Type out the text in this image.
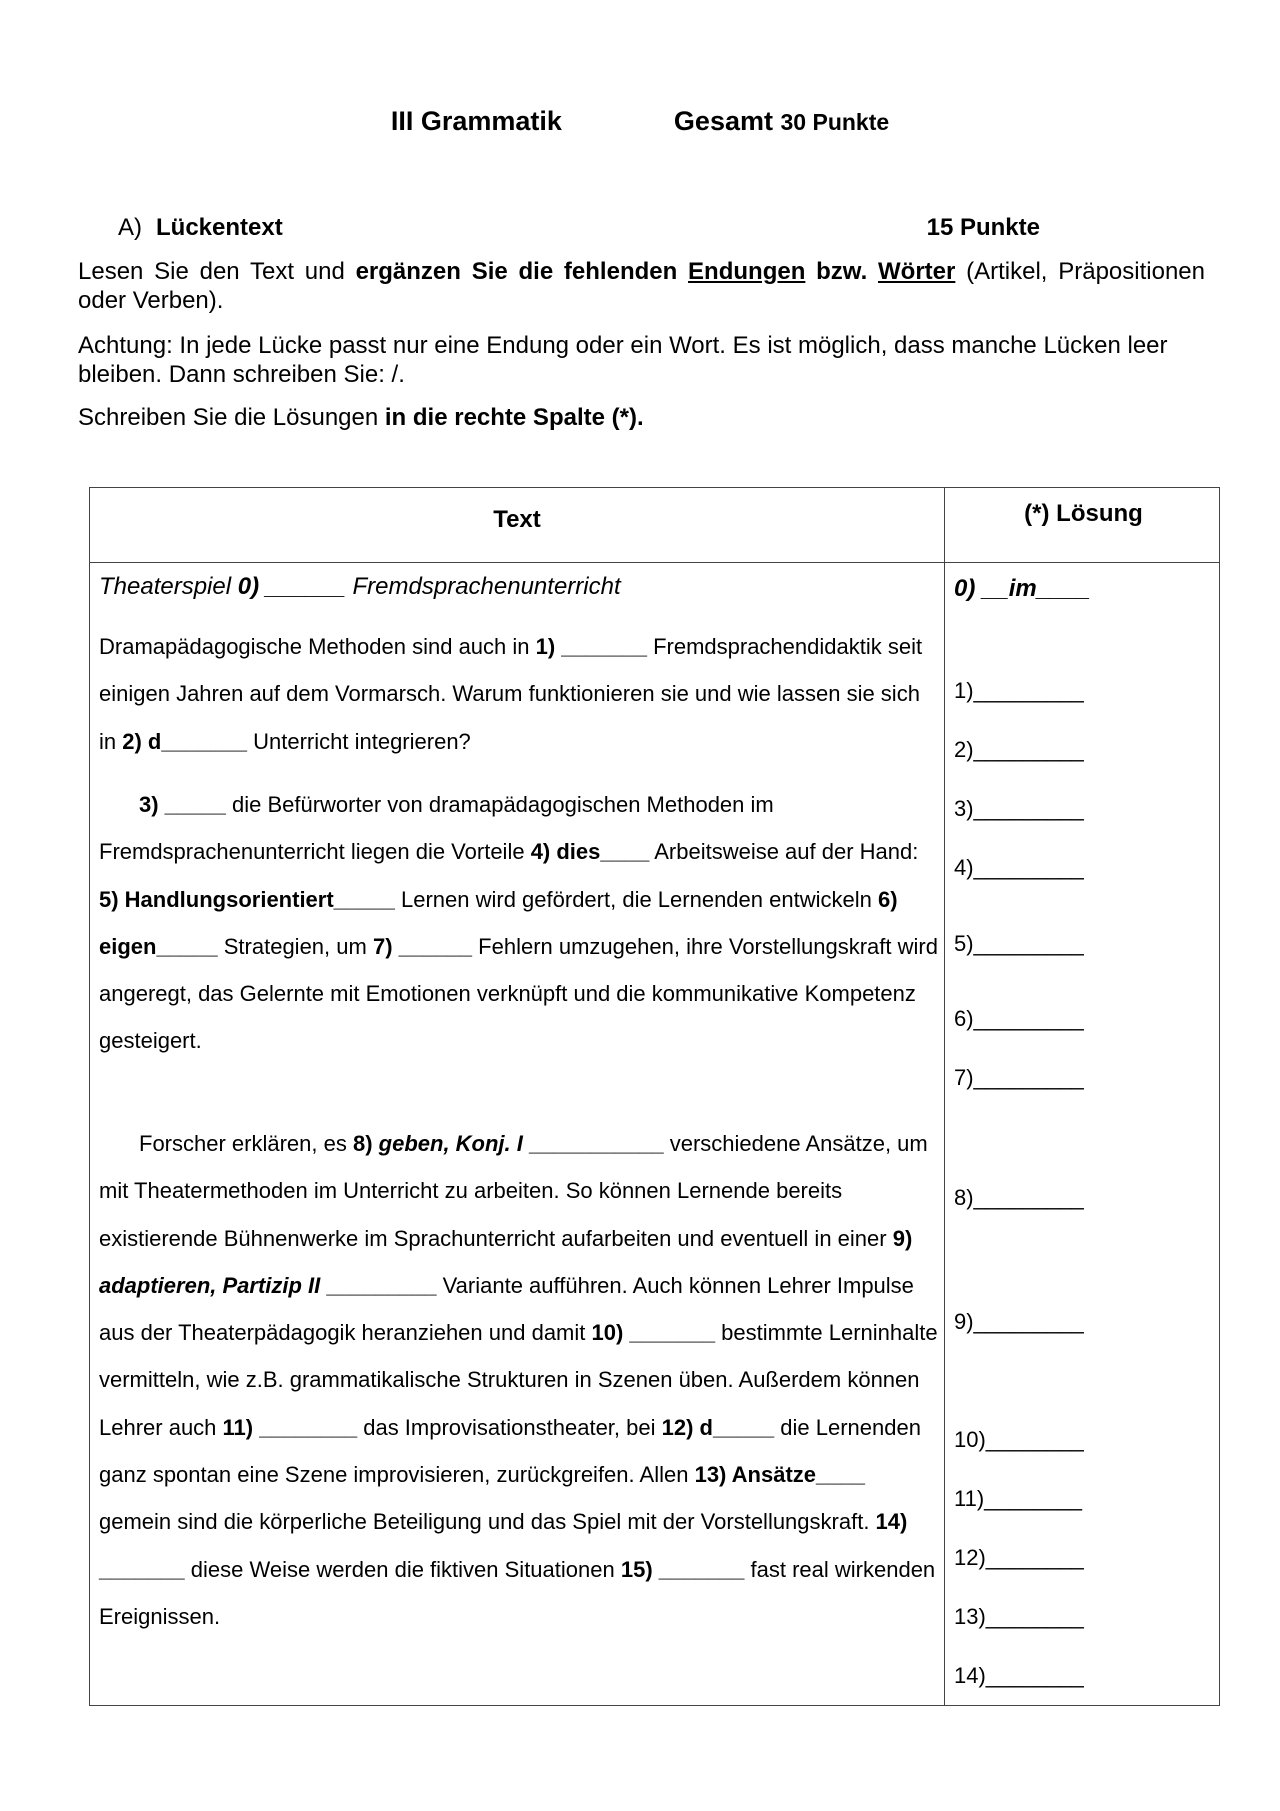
III Grammatik	Gesamt 30 Punkte
A) Lückentext	15 Punkte

Lesen Sie den Text und ergänzen Sie die fehlenden Endungen bzw. Wörter (Artikel, Präpositionen oder Verben).

Achtung: In jede Lücke passt nur eine Endung oder ein Wort. Es ist möglich, dass manche Lücken leer bleiben. Dann schreiben Sie: /.

Schreiben Sie die Lösungen in die rechte Spalte (*).

Text	(*) Lösung
Theaterspiel 0) ______ Fremdsprachenunterricht
Dramapädagogische Methoden sind auch in 1) _______ Fremdsprachendidaktik seit einigen Jahren auf dem Vormarsch. Warum funktionieren sie und wie lassen sie sich in 2) d_______ Unterricht integrieren?
3) _____ die Befürworter von dramapädagogischen Methoden im Fremdsprachenunterricht liegen die Vorteile 4) dies____ Arbeitsweise auf der Hand: 5) Handlungsorientiert_____ Lernen wird gefördert, die Lernenden entwickeln 6) eigen_____ Strategien, um 7) ______ Fehlern umzugehen, ihre Vorstellungskraft wird angeregt, das Gelernte mit Emotionen verknüpft und die kommunikative Kompetenz gesteigert.
Forscher erklären, es 8) geben, Konj. I ___________ verschiedene Ansätze, um mit Theatermethoden im Unterricht zu arbeiten. So können Lernende bereits existierende Bühnenwerke im Sprachunterricht aufarbeiten und eventuell in einer 9) adaptieren, Partizip II _________ Variante aufführen. Auch können Lehrer Impulse aus der Theaterpädagogik heranziehen und damit 10) _______ bestimmte Lerninhalte vermitteln, wie z.B. grammatikalische Strukturen in Szenen üben. Außerdem können Lehrer auch 11) ________ das Improvisationstheater, bei 12) d_____ die Lernenden ganz spontan eine Szene improvisieren, zurückgreifen. Allen 13) Ansätze____ gemein sind die körperliche Beteiligung und das Spiel mit der Vorstellungskraft. 14) _______ diese Weise werden die fiktiven Situationen 15) _______ fast real wirkenden Ereignissen.
0) __im____
1)_________
2)_________
3)_________
4)_________
5)_________
6)_________
7)_________
8)_________
9)_________
10)________
11)________
12)________
13)________
14)________
